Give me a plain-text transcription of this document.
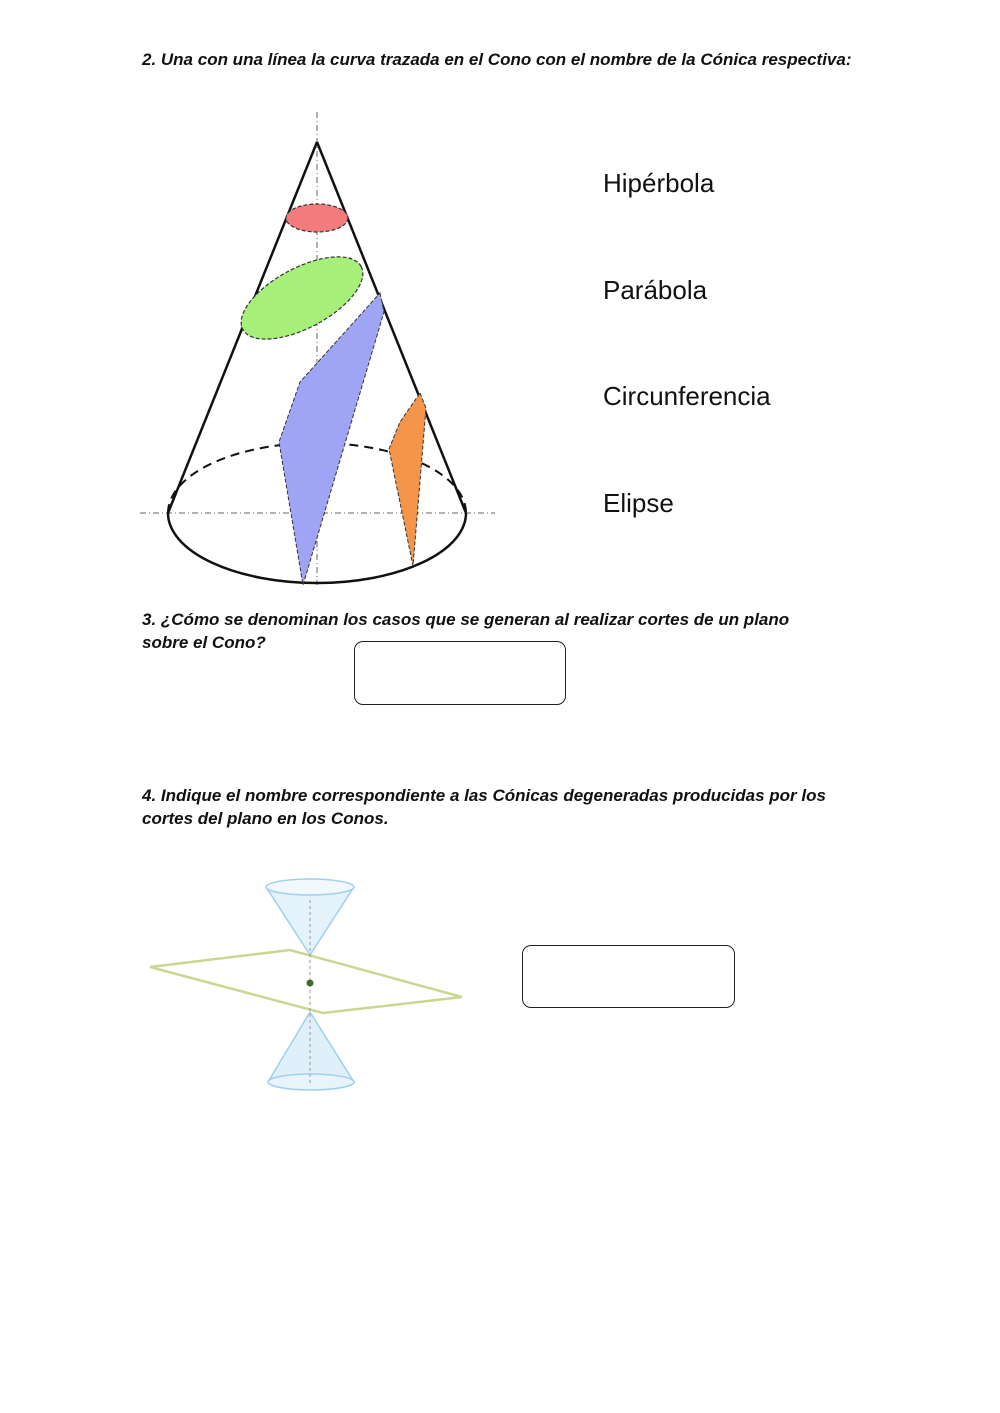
2. Una con una línea la curva trazada en el Cono con el nombre de la Cónica respectiva:
Hipérbola
Parábola
Circunferencia
Elipse
3. ¿Cómo se denominan los casos que se generan al realizar cortes de un plano sobre el Cono?
4. Indique el nombre correspondiente a las Cónicas degeneradas producidas por los cortes del plano en los Conos.
